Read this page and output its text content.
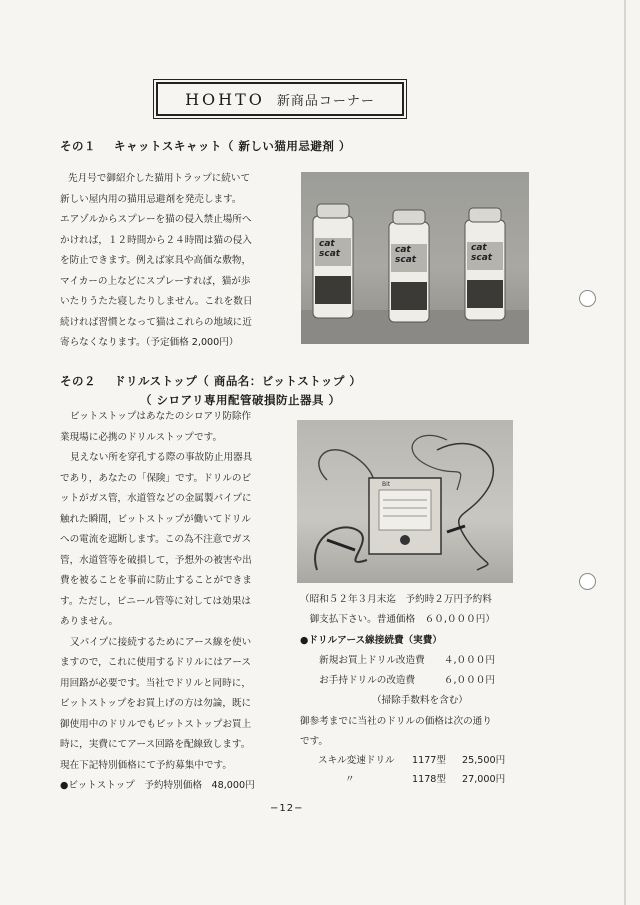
HOHTO 新商品コーナー
その１ キャットスキャット（ 新しい猫用忌避剤 ）
先月号で御紹介した猫用トラップに続いて
新しい屋内用の猫用忌避剤を発売します。
エアゾルからスプレーを猫の侵入禁止場所へ
かければ，１２時間から２４時間は猫の侵入
を防止できます。例えば家具や高価な敷物，
マイカーの上などにスプレーすれば，猫が歩
いたりうたた寝したりしません。これを数日
続ければ習慣となって猫はこれらの地域に近
寄らなくなります。（予定価格 2,000円）
cat
scat	cat
scat
cat
scat
その２ ドリルストップ（ 商品名：ビットストップ ）
（ シロアリ専用配管破損防止器具 ）
ビットストップはあなたのシロアリ防除作
業現場に必携のドリルストップです。
見えない所を穿孔する際の事故防止用器具
であり，あなたの「保険」です。ドリルのビ
ットがガス管，水道管などの金属製パイプに
触れた瞬間，ビットストップが働いてドリル
への電流を遮断します。この為不注意でガス
管，水道管等を破損して，予想外の被害や出
費を被ることを事前に防止することができま
す。ただし，ビニール管等に対しては効果は
ありません。
又パイプに接続するためにアース線を使い
ますので，これに使用するドリルにはアース
用回路が必要です。当社でドリルと同時に，
ビットストップをお買上げの方は勿論，既に
御使用中のドリルでもビットストップお買上
時に，実費にてアース回路を配線致します。
現在下記特別価格にて予約募集中です。
●ビットストップ　予約特別価格　48,000円
Bit
（昭和５２年３月末迄　予約時２万円予約料
　御支払下さい。普通価格　６０,０００円）
●ドリルアース線接続費（実費）
　　新規お買上ドリル改造費　　４,０００円
　　お手持ドリルの改造費　　　６,０００円
　　　　　　　　（掃除手数料を含む）
御参考までに当社のドリルの価格は次の通り
です。
スキル変速ドリル 1177型 25,500円
〃	1178型 27,000円
−12−
